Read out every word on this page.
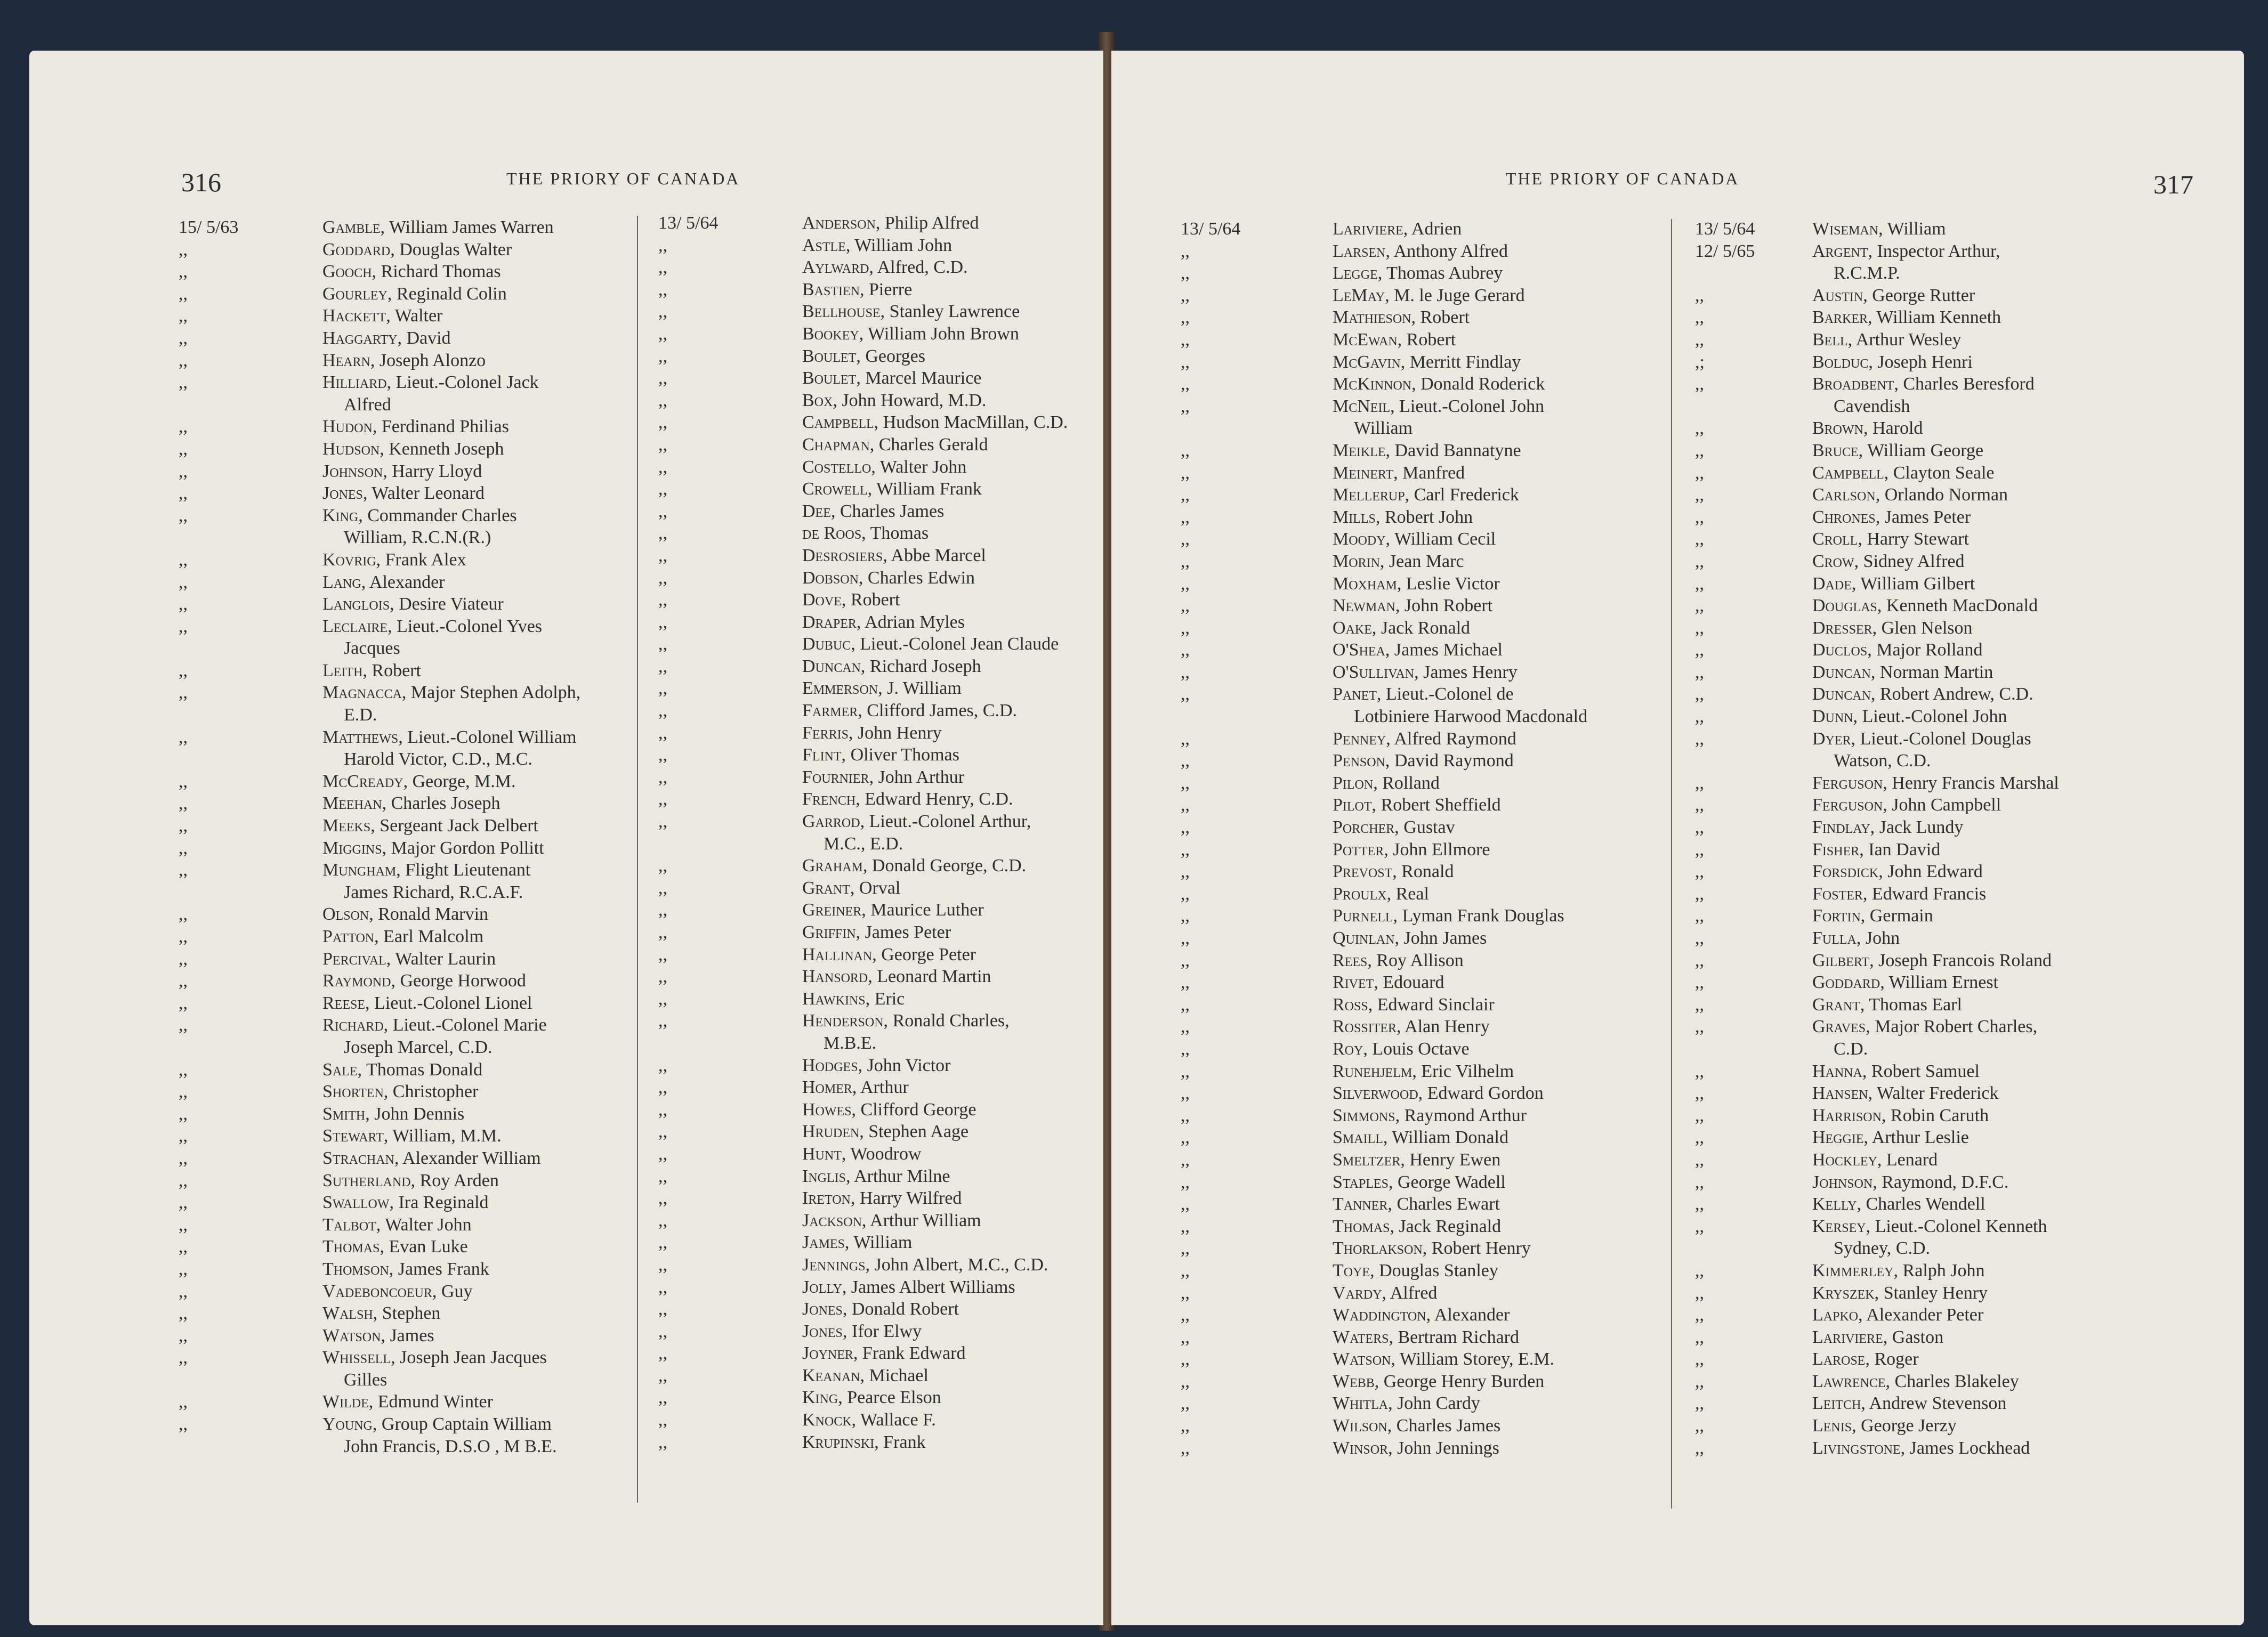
316	THE PRIORY OF CANADA
15/ 5/63	Gamble, William James Warren
,,	Goddard, Douglas Walter
,,	Gooch, Richard Thomas
,,	Gourley, Reginald Colin
,,	Hackett, Walter
,,	Haggarty, David
,,	Hearn, Joseph Alonzo
,,	Hilliard, Lieut.-Colonel Jack
Alfred
,,	Hudon, Ferdinand Philias
,,	Hudson, Kenneth Joseph
,,	Johnson, Harry Lloyd
,,	Jones, Walter Leonard
,,	King, Commander Charles
William, R.C.N.(R.)
,,	Kovrig, Frank Alex
,,	Lang, Alexander
,,	Langlois, Desire Viateur
,,	Leclaire, Lieut.-Colonel Yves
Jacques
,,	Leith, Robert
,,	Magnacca, Major Stephen Adolph,
E.D.
,,	Matthews, Lieut.-Colonel William
Harold Victor, C.D., M.C.
,,	McCready, George, M.M.
,,	Meehan, Charles Joseph
,,	Meeks, Sergeant Jack Delbert
,,	Miggins, Major Gordon Pollitt
,,	Mungham, Flight Lieutenant
James Richard, R.C.A.F.
,,	Olson, Ronald Marvin
,,	Patton, Earl Malcolm
,,	Percival, Walter Laurin
,,	Raymond, George Horwood
,,	Reese, Lieut.-Colonel Lionel
,,	Richard, Lieut.-Colonel Marie
Joseph Marcel, C.D.
,,	Sale, Thomas Donald
,,	Shorten, Christopher
,,	Smith, John Dennis
,,	Stewart, William, M.M.
,,	Strachan, Alexander William
,,	Sutherland, Roy Arden
,,	Swallow, Ira Reginald
,,	Talbot, Walter John
,,	Thomas, Evan Luke
,,	Thomson, James Frank
,,	Vadeboncoeur, Guy
,,	Walsh, Stephen
,,	Watson, James
,,	Whissell, Joseph Jean Jacques
Gilles
,,	Wilde, Edmund Winter
,,	Young, Group Captain William
John Francis, D.S.O , M B.E.
13/ 5/64	Anderson, Philip Alfred
,,	Astle, William John
,,	Aylward, Alfred, C.D.
,,	Bastien, Pierre
,,	Bellhouse, Stanley Lawrence
,,	Bookey, William John Brown
,,	Boulet, Georges
,,	Boulet, Marcel Maurice
,,	Box, John Howard, M.D.
,,	Campbell, Hudson MacMillan, C.D.
,,	Chapman, Charles Gerald
,,	Costello, Walter John
,,	Crowell, William Frank
,,	Dee, Charles James
,,	de Roos, Thomas
,,	Desrosiers, Abbe Marcel
,,	Dobson, Charles Edwin
,,	Dove, Robert
,,	Draper, Adrian Myles
,,	Dubuc, Lieut.-Colonel Jean Claude
,,	Duncan, Richard Joseph
,,	Emmerson, J. William
,,	Farmer, Clifford James, C.D.
,,	Ferris, John Henry
,,	Flint, Oliver Thomas
,,	Fournier, John Arthur
,,	French, Edward Henry, C.D.
,,	Garrod, Lieut.-Colonel Arthur,
M.C., E.D.
,,	Graham, Donald George, C.D.
,,	Grant, Orval
,,	Greiner, Maurice Luther
,,	Griffin, James Peter
,,	Hallinan, George Peter
,,	Hansord, Leonard Martin
,,	Hawkins, Eric
,,	Henderson, Ronald Charles,
M.B.E.
,,	Hodges, John Victor
,,	Homer, Arthur
,,	Howes, Clifford George
,,	Hruden, Stephen Aage
,,	Hunt, Woodrow
,,	Inglis, Arthur Milne
,,	Ireton, Harry Wilfred
,,	Jackson, Arthur William
,,	James, William
,,	Jennings, John Albert, M.C., C.D.
,,	Jolly, James Albert Williams
,,	Jones, Donald Robert
,,	Jones, Ifor Elwy
,,	Joyner, Frank Edward
,,	Keanan, Michael
,,	King, Pearce Elson
,,	Knock, Wallace F.
,,	Krupinski, Frank
317
THE PRIORY OF CANADA
13/ 5/64	Lariviere, Adrien
,,	Larsen, Anthony Alfred
,,	Legge, Thomas Aubrey
,,	LeMay, M. le Juge Gerard
,,	Mathieson, Robert
,,	McEwan, Robert
,,	McGavin, Merritt Findlay
,,	McKinnon, Donald Roderick
,,	McNeil, Lieut.-Colonel John
William
,,	Meikle, David Bannatyne
,,	Meinert, Manfred
,,	Mellerup, Carl Frederick
,,	Mills, Robert John
,,	Moody, William Cecil
,,	Morin, Jean Marc
,,	Moxham, Leslie Victor
,,	Newman, John Robert
,,	Oake, Jack Ronald
,,	O'Shea, James Michael
,,	O'Sullivan, James Henry
,,	Panet, Lieut.-Colonel de
Lotbiniere Harwood Macdonald
,,	Penney, Alfred Raymond
,,	Penson, David Raymond
,,	Pilon, Rolland
,,	Pilot, Robert Sheffield
,,	Porcher, Gustav
,,	Potter, John Ellmore
,,	Prevost, Ronald
,,	Proulx, Real
,,	Purnell, Lyman Frank Douglas
,,	Quinlan, John James
,,	Rees, Roy Allison
,,	Rivet, Edouard
,,	Ross, Edward Sinclair
,,	Rossiter, Alan Henry
,,	Roy, Louis Octave
,,	Runehjelm, Eric Vilhelm
,,	Silverwood, Edward Gordon
,,	Simmons, Raymond Arthur
,,	Smaill, William Donald
,,	Smeltzer, Henry Ewen
,,	Staples, George Wadell
,,	Tanner, Charles Ewart
,,	Thomas, Jack Reginald
,,	Thorlakson, Robert Henry
,,	Toye, Douglas Stanley
,,	Vardy, Alfred
,,	Waddington, Alexander
,,	Waters, Bertram Richard
,,	Watson, William Storey, E.M.
,,	Webb, George Henry Burden
,,	Whitla, John Cardy
,,	Wilson, Charles James
,,	Winsor, John Jennings
13/ 5/64	Wiseman, William
12/ 5/65	Argent, Inspector Arthur,
R.C.M.P.
,,	Austin, George Rutter
,,	Barker, William Kenneth
,,	Bell, Arthur Wesley
,;	Bolduc, Joseph Henri
,,	Broadbent, Charles Beresford
Cavendish
,,	Brown, Harold
,,	Bruce, William George
,,	Campbell, Clayton Seale
,,	Carlson, Orlando Norman
,,	Chrones, James Peter
,,	Croll, Harry Stewart
,,	Crow, Sidney Alfred
,,	Dade, William Gilbert
,,	Douglas, Kenneth MacDonald
,,	Dresser, Glen Nelson
,,	Duclos, Major Rolland
,,	Duncan, Norman Martin
,,	Duncan, Robert Andrew, C.D.
,,	Dunn, Lieut.-Colonel John
,,	Dyer, Lieut.-Colonel Douglas
Watson, C.D.
,,	Ferguson, Henry Francis Marshal
,,	Ferguson, John Campbell
,,	Findlay, Jack Lundy
,,	Fisher, Ian David
,,	Forsdick, John Edward
,,	Foster, Edward Francis
,,	Fortin, Germain
,,	Fulla, John
,,	Gilbert, Joseph Francois Roland
,,	Goddard, William Ernest
,,	Grant, Thomas Earl
,,	Graves, Major Robert Charles,
C.D.
,,	Hanna, Robert Samuel
,,	Hansen, Walter Frederick
,,	Harrison, Robin Caruth
,,	Heggie, Arthur Leslie
,,	Hockley, Lenard
,,	Johnson, Raymond, D.F.C.
,,	Kelly, Charles Wendell
,,	Kersey, Lieut.-Colonel Kenneth
Sydney, C.D.
,,	Kimmerley, Ralph John
,,	Kryszek, Stanley Henry
,,	Lapko, Alexander Peter
,,	Lariviere, Gaston
,,	Larose, Roger
,,	Lawrence, Charles Blakeley
,,	Leitch, Andrew Stevenson
,,	Lenis, George Jerzy
,,	Livingstone, James Lockhead
